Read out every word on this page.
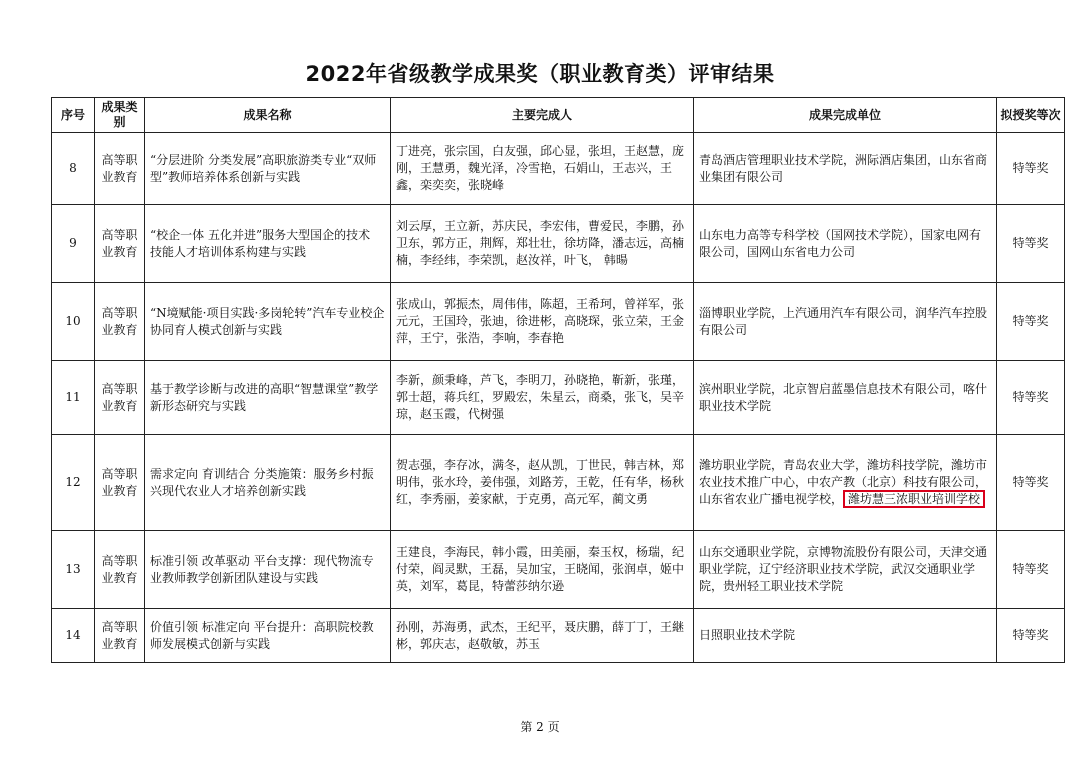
2022年省级教学成果奖（职业教育类）评审结果
序号	成果类别	成果名称	主要完成人	成果完成单位	拟授奖等次
8	高等职业教育	“分层进阶 分类发展”高职旅游类专业“双师型”教师培养体系创新与实践	丁进亮，张宗国，白友强，邱心显，张坦，王赵慧，庞刚，王慧勇，魏光泽，冷雪艳，石娟山，王志兴，王鑫，栾奕奕，张晓峰	青岛酒店管理职业技术学院，洲际酒店集团，山东省商业集团有限公司	特等奖
9	高等职业教育	“校企一体 五化并进”服务大型国企的技术 技能人才培训体系构建与实践	刘云厚，王立新，苏庆民，李宏伟，曹爱民，李鹏，孙卫东，郭方正，荆辉，郑壮壮，徐坊降，潘志远，高楠楠，李经纬，李荣凯，赵汝祥，叶飞， 韩暘	山东电力高等专科学校（国网技术学院），国家电网有限公司，国网山东省电力公司	特等奖
10	高等职业教育	“N境赋能·项目实践·多岗轮转”汽车专业校企协同育人模式创新与实践	张成山，郭振杰，周伟伟，陈超，王希珂，曾祥军，张元元，王国玲，张迪，徐进彬，高晓琛，张立荣，王金萍，王宁，张浩，李响，李春艳	淄博职业学院，上汽通用汽车有限公司，润华汽车控股有限公司	特等奖
11	高等职业教育	基于教学诊断与改进的高职“智慧课堂”教学新形态研究与实践	李新，颜秉峰，芦飞，李明刀，孙晓艳，靳新，张瑾，郭士超，蒋兵红，罗殿宏，朱星云，商桑，张飞，吴辛琼，赵玉霞，代树强	滨州职业学院，北京智启蓝墨信息技术有限公司，喀什职业技术学院	特等奖
12	高等职业教育	需求定向 育训结合 分类施策：服务乡村振兴现代农业人才培养创新实践	贺志强，李存冰，满冬，赵从凯，丁世民，韩吉林，郑明伟，张水玲，姜伟强，刘路芳，王乾，任有华，杨秋红，李秀丽，姜家献，于克勇，高元军，蔺文勇	潍坊职业学院，青岛农业大学，潍坊科技学院，潍坊市农业技术推广中心，中农产教（北京）科技有限公司，山东省农业广播电视学校， 潍坊慧三浓职业培训学校	特等奖
13	高等职业教育	标准引领 改革驱动 平台支撑：现代物流专业教师教学创新团队建设与实践	王建良，李海民，韩小霞，田美丽，秦玉权，杨瑞，纪付荣，阎灵默，王磊，吴加宝，王晓闻，张润卓，姬中英，刘军，葛昆，特蕾莎纳尔逊	山东交通职业学院，京博物流股份有限公司，天津交通职业学院，辽宁经济职业技术学院，武汉交通职业学院，贵州轻工职业技术学院	特等奖
14	高等职业教育	价值引领 标准定向 平台提升：高职院校教师发展模式创新与实践	孙刚，苏海勇，武杰，王纪平，聂庆鹏，薛丁丁，王継彬，郭庆志，赵敬敏，苏玉	日照职业技术学院	特等奖
第 2 页
